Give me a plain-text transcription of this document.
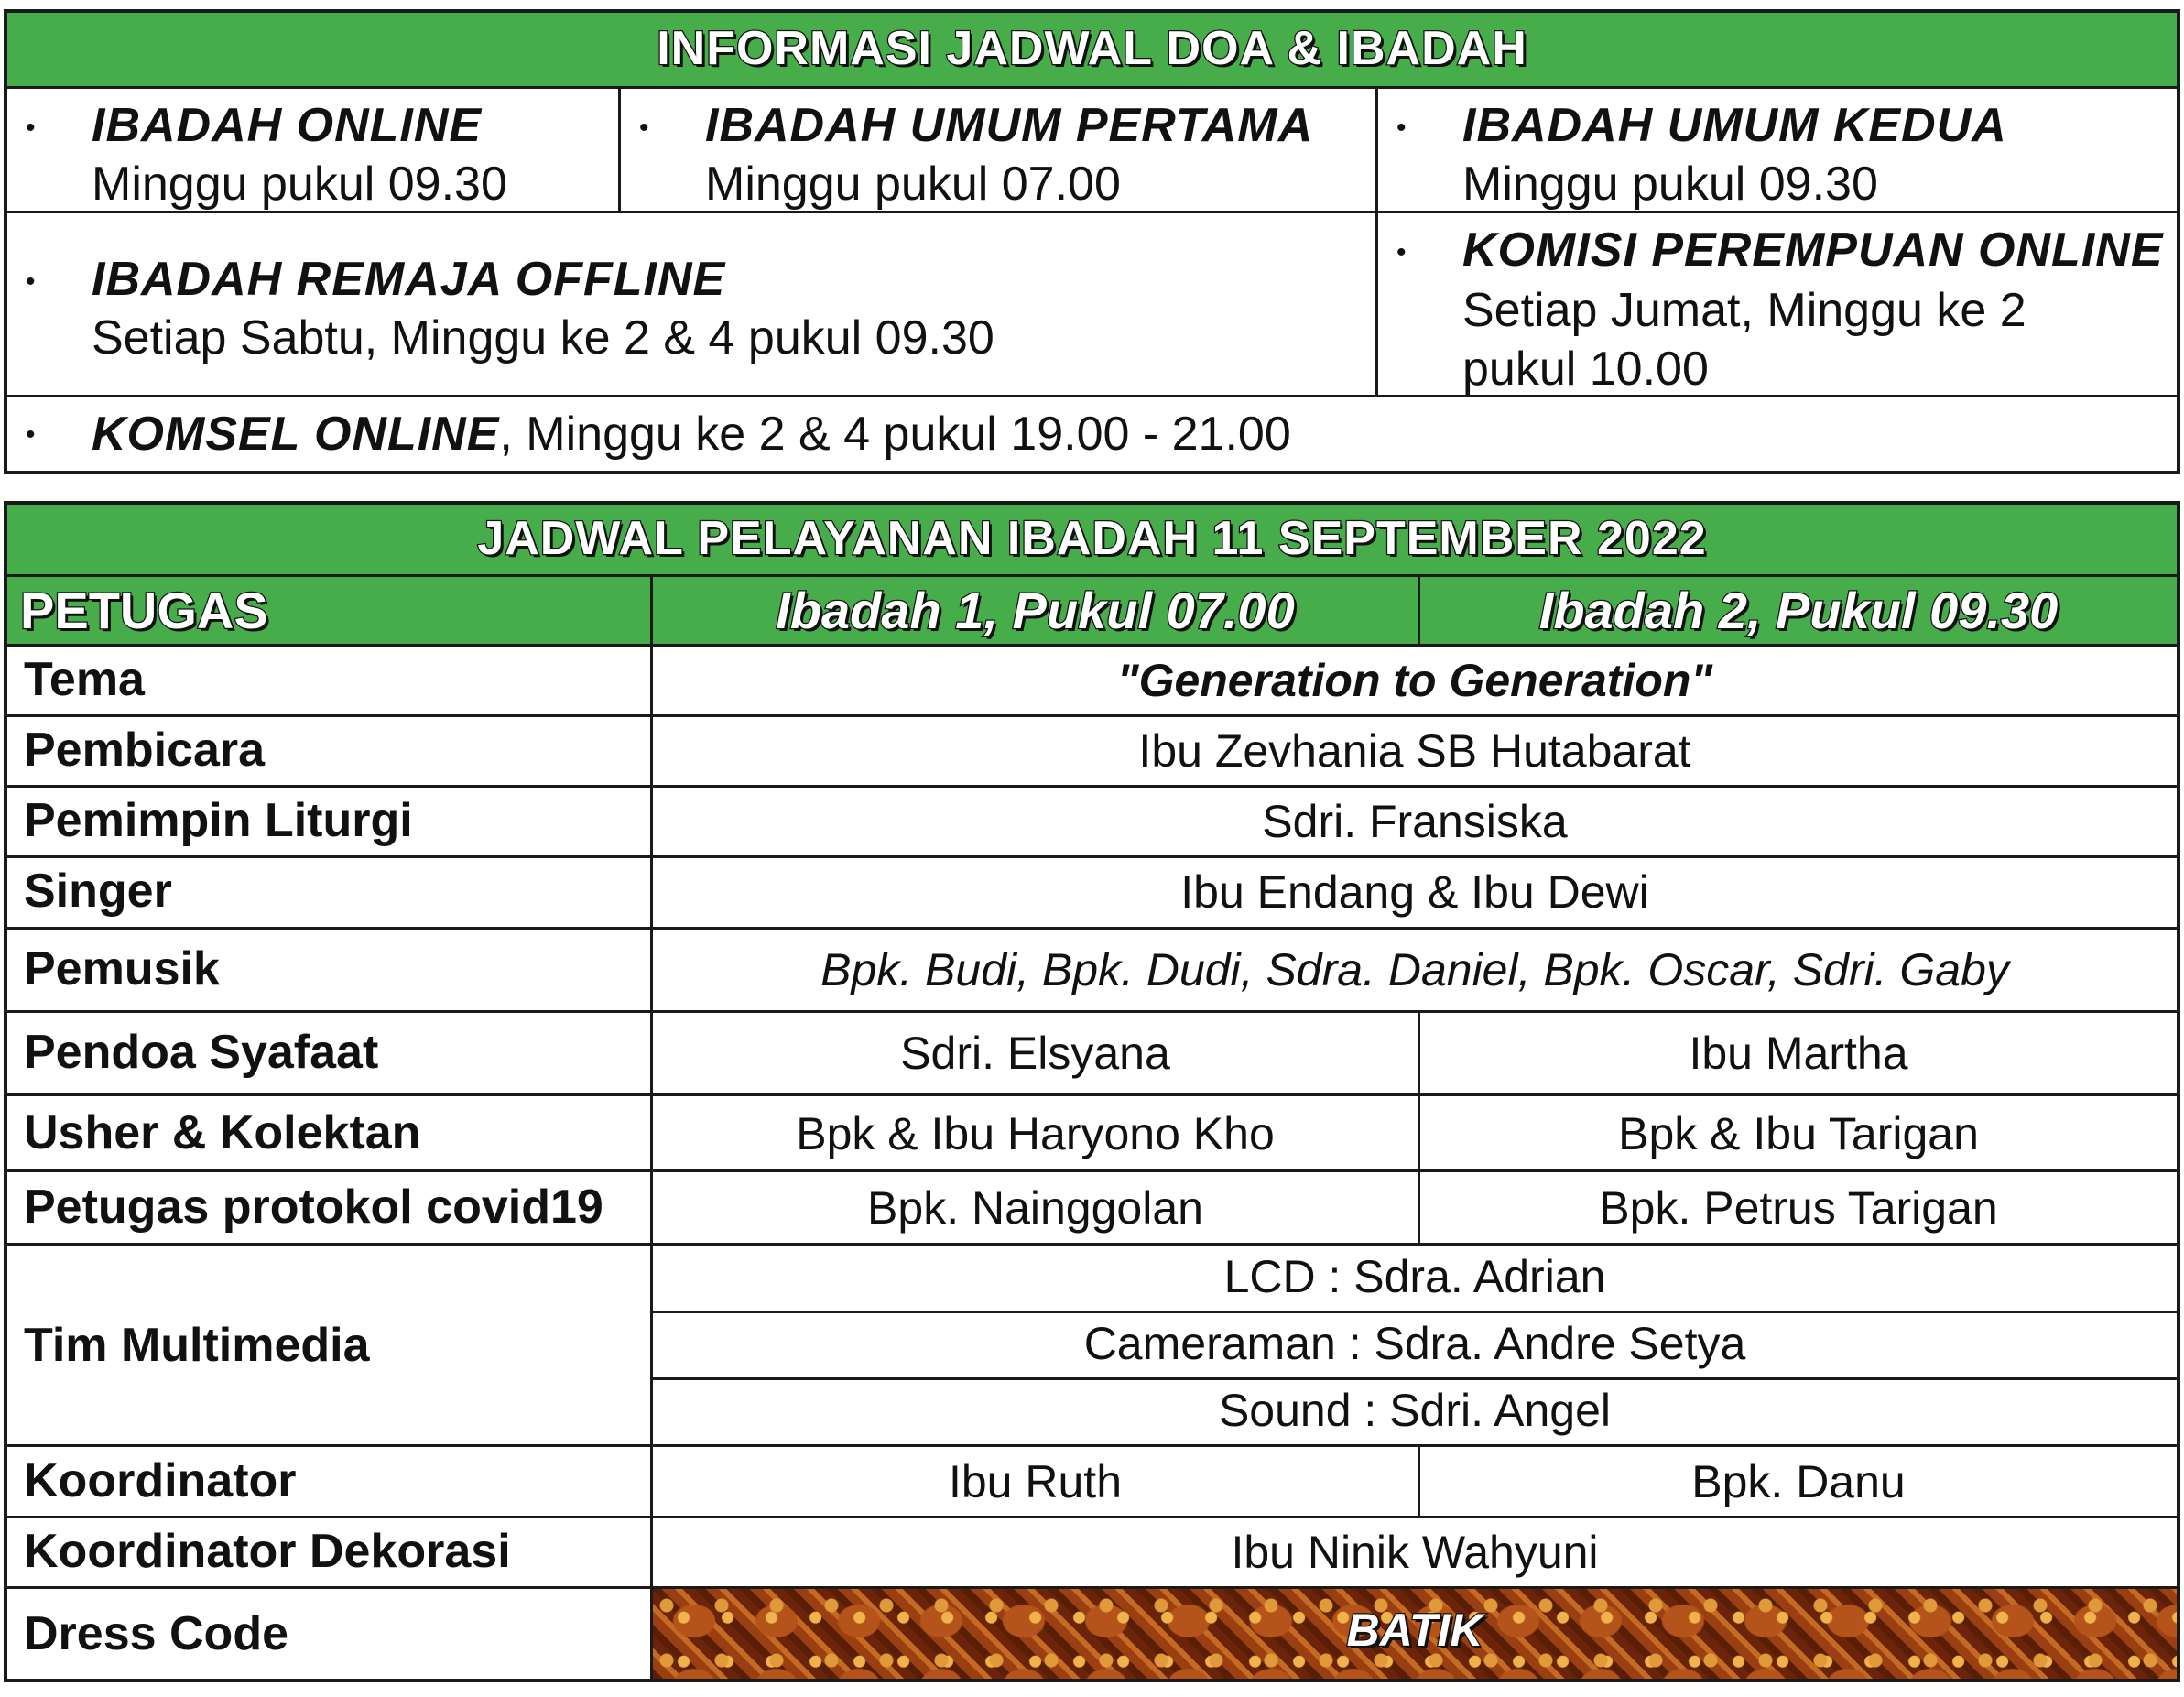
INFORMASI JADWAL DOA & IBADAH
• IBADAH ONLINE
Minggu pukul 09.30
• IBADAH UMUM PERTAMA
Minggu pukul 07.00
• IBADAH UMUM KEDUA
Minggu pukul 09.30
• IBADAH REMAJA OFFLINE
Setiap Sabtu, Minggu ke 2 & 4 pukul 09.30
• KOMISI PEREMPUAN ONLINE
Setiap Jumat, Minggu ke 2 pukul 10.00
• KOMSEL ONLINE, Minggu ke 2 & 4 pukul 19.00 - 21.00
JADWAL PELAYANAN IBADAH 11 SEPTEMBER 2022
PETUGAS	Ibadah 1, Pukul 07.00	Ibadah 2, Pukul 09.30
Tema	"Generation to Generation"
Pembicara	Ibu Zevhania SB Hutabarat
Pemimpin Liturgi	Sdri. Fransiska
Singer	Ibu Endang & Ibu Dewi
Pemusik	Bpk. Budi, Bpk. Dudi, Sdra. Daniel, Bpk. Oscar, Sdri. Gaby
Pendoa Syafaat	Sdri. Elsyana	Ibu Martha
Usher & Kolektan	Bpk & Ibu Haryono Kho	Bpk & Ibu Tarigan
Petugas protokol covid19	Bpk. Nainggolan	Bpk. Petrus Tarigan
Tim Multimedia
LCD : Sdra. Adrian
Cameraman : Sdra. Andre Setya
Sound : Sdri. Angel
Koordinator	Ibu Ruth	Bpk. Danu
Koordinator Dekorasi	Ibu Ninik Wahyuni
Dress Code	BATIK
